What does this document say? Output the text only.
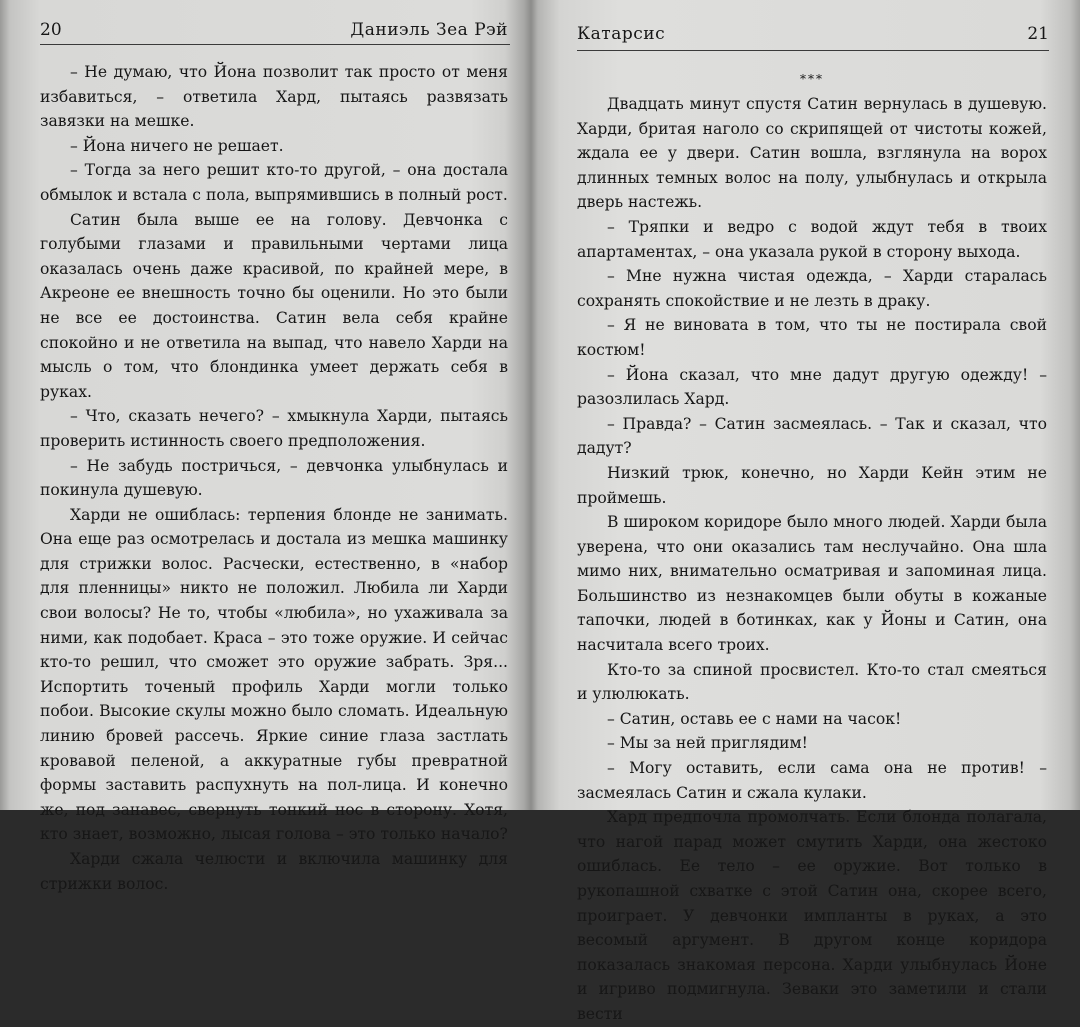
20	Даниэль Зеа Рэй

– Не думаю, что Йона позволит так просто от меня избавиться, – ответила Хард, пытаясь развязать завязки на мешке.

– Йона ничего не решает.

– Тогда за него решит кто-то другой, – она достала обмылок и встала с пола, выпрямившись в полный рост.

Сатин была выше ее на голову. Девчонка с голубыми глазами и правильными чертами лица оказалась очень даже красивой, по крайней мере, в Акреоне ее внешность точно бы оценили. Но это были не все ее достоинства. Сатин вела себя крайне спокойно и не ответила на выпад, что навело Харди на мысль о том, что блондинка умеет держать себя в руках.

– Что, сказать нечего? – хмыкнула Харди, пытаясь проверить истинность своего предположения.

– Не забудь постричься, – девчонка улыбнулась и покинула душевую.

Харди не ошиблась: терпения блонде не занимать. Она еще раз осмотрелась и достала из мешка машинку для стрижки волос. Расчески, естественно, в «набор для пленницы» никто не положил. Любила ли Харди свои волосы? Не то, чтобы «любила», но ухаживала за ними, как подобает. Краса – это тоже оружие. И сейчас кто-то решил, что сможет это оружие забрать. Зря... Испортить точеный профиль Харди могли только побои. Высокие скулы можно было сломать. Идеальную линию бровей рассечь. Яркие синие глаза застлать кровавой пеленой, а аккуратные губы превратной формы заставить распухнуть на пол-лица. И конечно же, под занавес, свернуть тонкий нос в сторону. Хотя, кто знает, возможно, лысая голова – это только начало?

Харди сжала челюсти и включила машинку для стрижки волос.

Катарсис	21
***

Двадцать минут спустя Сатин вернулась в душевую. Харди, бритая наголо со скрипящей от чистоты кожей, ждала ее у двери. Сатин вошла, взглянула на ворох длинных темных волос на полу, улыбнулась и открыла дверь настежь.

– Тряпки и ведро с водой ждут тебя в твоих апартаментах, – она указала рукой в сторону выхода.

– Мне нужна чистая одежда, – Харди старалась сохранять спокойствие и не лезть в драку.

– Я не виновата в том, что ты не постирала свой костюм!

– Йона сказал, что мне дадут другую одежду! – разозлилась Хард.

– Правда? – Сатин засмеялась. – Так и сказал, что дадут?

Низкий трюк, конечно, но Харди Кейн этим не проймешь.

В широком коридоре было много людей. Харди была уверена, что они оказались там неслучайно. Она шла мимо них, внимательно осматривая и запоминая лица. Большинство из незнакомцев были обуты в кожаные тапочки, людей в ботинках, как у Йоны и Сатин, она насчитала всего троих.

Кто-то за спиной просвистел. Кто-то стал смеяться и улюлюкать.

– Сатин, оставь ее с нами на часок!

– Мы за ней приглядим!

– Могу оставить, если сама она не против! – засмеялась Сатин и сжала кулаки.

Хард предпочла промолчать. Если блонда полагала, что нагой парад может смутить Харди, она жестоко ошиблась. Ее тело – ее оружие. Вот только в рукопашной схватке с этой Сатин она, скорее всего, проиграет. У девчонки импланты в руках, а это весомый аргумент. В другом конце коридора показалась знакомая персона. Харди улыбнулась Йоне и игриво подмигнула. Зеваки это заметили и стали вести
